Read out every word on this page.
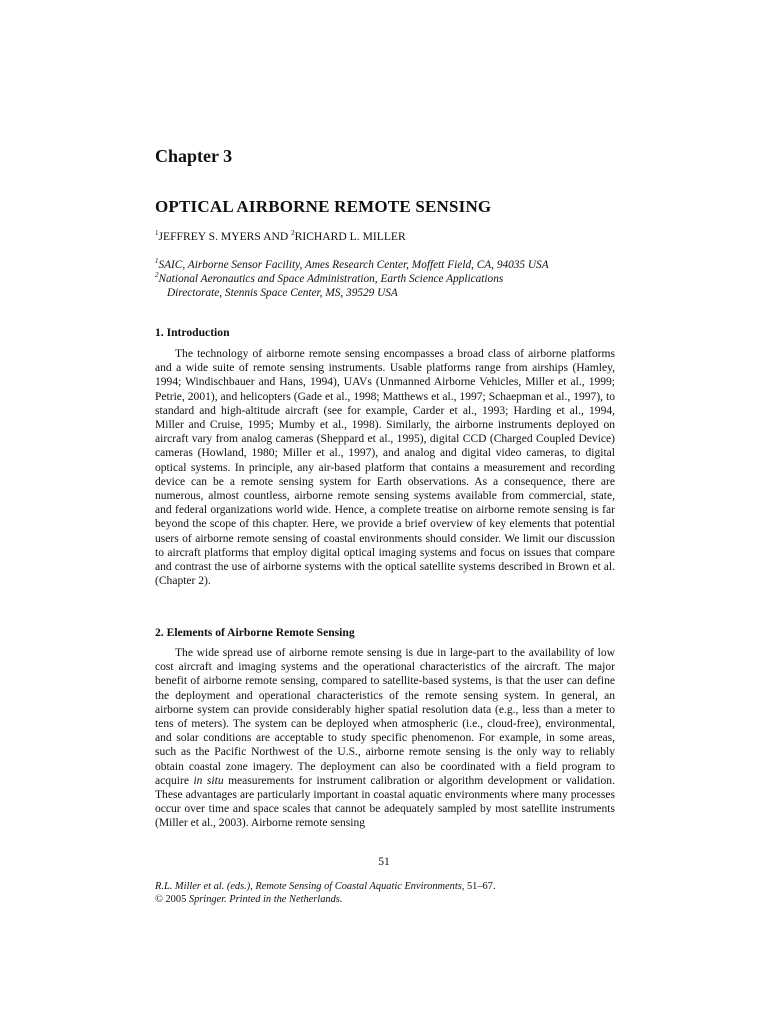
Chapter 3
OPTICAL AIRBORNE REMOTE SENSING
$^1$JEFFREY S. MYERS AND $^2$RICHARD L. MILLER
$^1$SAIC, Airborne Sensor Facility, Ames Research Center, Moffett Field, CA, 94035 USA
$^2$National Aeronautics and Space Administration, Earth Science Applications
Directorate, Stennis Space Center, MS, 39529 USA
1. Introduction

The technology of airborne remote sensing encompasses a broad class of airborne platforms and a wide suite of remote sensing instruments. Usable platforms range from airships (Hamley, 1994; Windischbauer and Hans, 1994), UAVs (Unmanned Airborne Vehicles, Miller et al., 1999; Petrie, 2001), and helicopters (Gade et al., 1998; Matthews et al., 1997; Schaepman et al., 1997), to standard and high-altitude aircraft (see for example, Carder et al., 1993; Harding et al., 1994, Miller and Cruise, 1995; Mumby et al., 1998). Similarly, the airborne instruments deployed on aircraft vary from analog cameras (Sheppard et al., 1995), digital CCD (Charged Coupled Device) cameras (Howland, 1980; Miller et al., 1997), and analog and digital video cameras, to digital optical systems. In principle, any air-based platform that contains a measurement and recording device can be a remote sensing system for Earth observations. As a consequence, there are numerous, almost countless, airborne remote sensing systems available from commercial, state, and federal organizations world wide. Hence, a complete treatise on airborne remote sensing is far beyond the scope of this chapter. Here, we provide a brief overview of key elements that potential users of airborne remote sensing of coastal environments should consider. We limit our discussion to aircraft platforms that employ digital optical imaging systems and focus on issues that compare and contrast the use of airborne systems with the optical satellite systems described in Brown et al. (Chapter 2).

2. Elements of Airborne Remote Sensing

The wide spread use of airborne remote sensing is due in large-part to the availability of low cost aircraft and imaging systems and the operational characteristics of the aircraft. The major benefit of airborne remote sensing, compared to satellite-based systems, is that the user can define the deployment and operational characteristics of the remote sensing system. In general, an airborne system can provide considerably higher spatial resolution data (e.g., less than a meter to tens of meters). The system can be deployed when atmospheric (i.e., cloud-free), environmental, and solar conditions are acceptable to study specific phenomenon. For example, in some areas, such as the Pacific Northwest of the U.S., airborne remote sensing is the only way to reliably obtain coastal zone imagery. The deployment can also be coordinated with a field program to acquire in situ measurements for instrument calibration or algorithm development or validation. These advantages are particularly important in coastal aquatic environments where many processes occur over time and space scales that cannot be adequately sampled by most satellite instruments (Miller et al., 2003). Airborne remote sensing

51
R.L. Miller et al. (eds.), Remote Sensing of Coastal Aquatic Environments, 51–67.
© 2005 Springer. Printed in the Netherlands.
